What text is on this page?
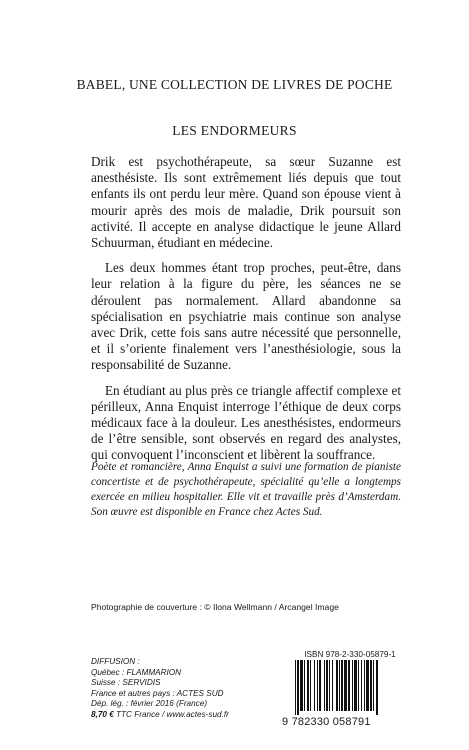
BABEL, UNE COLLECTION DE LIVRES DE POCHE
LES ENDORMEURS

Drik est psychothérapeute, sa sœur Suzanne est anesthésiste. Ils sont extrêmement liés depuis que tout enfants ils ont perdu leur mère. Quand son épouse vient à mourir après des mois de maladie, Drik poursuit son activité. Il accepte en analyse didactique le jeune Allard Schuurman, étudiant en médecine.

Les deux hommes étant trop proches, peut-être, dans leur relation à la figure du père, les séances ne se déroulent pas normalement. Allard abandonne sa spécialisation en psychiatrie mais continue son analyse avec Drik, cette fois sans autre nécessité que personnelle, et il s’oriente finalement vers l’anesthésiologie, sous la responsabilité de Suzanne.

En étudiant au plus près ce triangle affectif complexe et périlleux, Anna Enquist interroge l’éthique de deux corps médicaux face à la douleur. Les anesthésistes, endormeurs de l’être sensible, sont observés en regard des analystes, qui convoquent l’inconscient et libèrent la souffrance.

Poète et romancière, Anna Enquist a suivi une formation de pianiste concertiste et de psychothérapeute, spécialité qu’elle a longtemps exercée en milieu hospitalier. Elle vit et travaille près d’Amsterdam. Son œuvre est disponible en France chez Actes Sud.
Photographie de couverture : © Ilona Wellmann / Arcangel Image
DIFFUSION :
Québec : FLAMMARION
Suisse : SERVIDIS
France et autres pays : ACTES SUD
Dép. lég. : février 2016 (France)
8,70 € TTC France / www.actes-sud.fr
ISBN 978-2-330-05879-1
9 782330 058791
